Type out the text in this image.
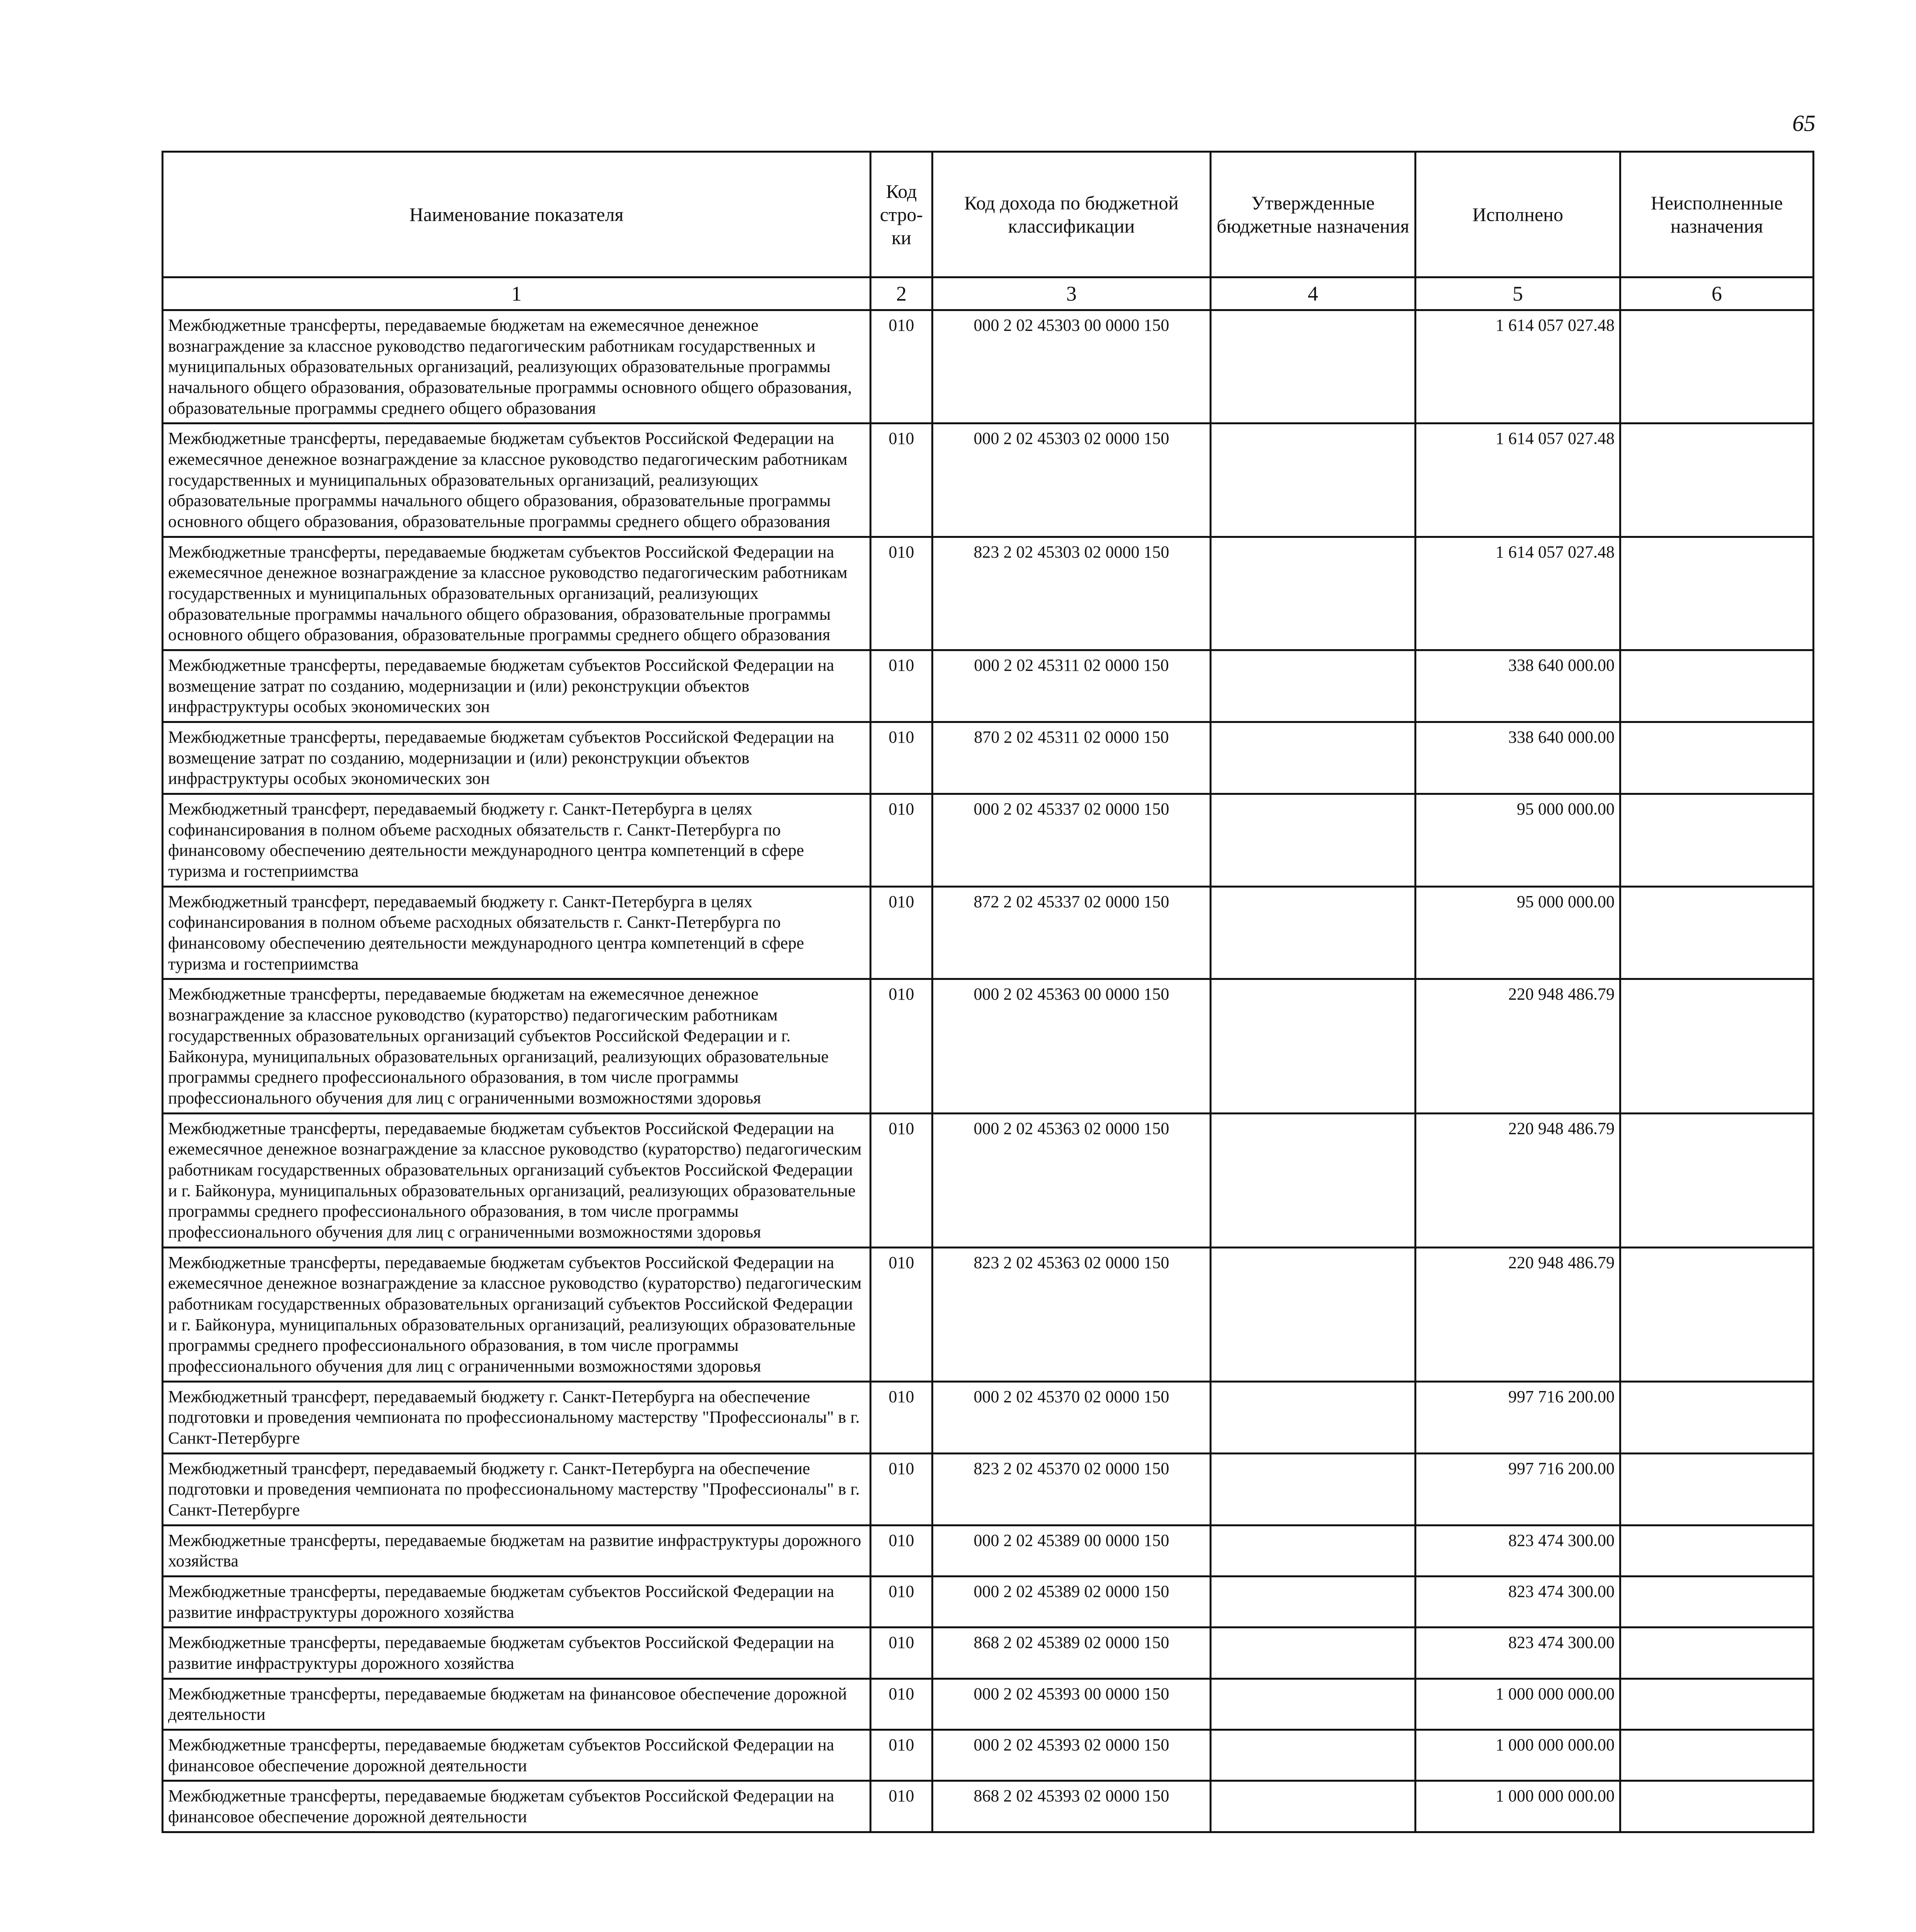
65
Наименование показателя	Код стро-ки	Код дохода по бюджетной классификации	Утвержденные бюджетные назначения	Исполнено	Неисполненные назначения
1	2	3	4	5	6
Межбюджетные трансферты, передаваемые бюджетам на ежемесячное денежное вознаграждение за классное руководство педагогическим работникам государственных и муниципальных образовательных организаций, реализующих образовательные программы начального общего образования, образовательные программы основного общего образования, образовательные программы среднего общего образования	010	000 2 02 45303 00 0000 150		1 614 057 027.48	
Межбюджетные трансферты, передаваемые бюджетам субъектов Российской Федерации на ежемесячное денежное вознаграждение за классное руководство педагогическим работникам государственных и муниципальных образовательных организаций, реализующих образовательные программы начального общего образования, образовательные программы основного общего образования, образовательные программы среднего общего образования	010	000 2 02 45303 02 0000 150		1 614 057 027.48	
Межбюджетные трансферты, передаваемые бюджетам субъектов Российской Федерации на ежемесячное денежное вознаграждение за классное руководство педагогическим работникам государственных и муниципальных образовательных организаций, реализующих образовательные программы начального общего образования, образовательные программы основного общего образования, образовательные программы среднего общего образования	010	823 2 02 45303 02 0000 150		1 614 057 027.48	
Межбюджетные трансферты, передаваемые бюджетам субъектов Российской Федерации на возмещение затрат по созданию, модернизации и (или) реконструкции объектов инфраструктуры особых экономических зон	010	000 2 02 45311 02 0000 150		338 640 000.00	
Межбюджетные трансферты, передаваемые бюджетам субъектов Российской Федерации на возмещение затрат по созданию, модернизации и (или) реконструкции объектов инфраструктуры особых экономических зон	010	870 2 02 45311 02 0000 150		338 640 000.00	
Межбюджетный трансферт, передаваемый бюджету г. Санкт-Петербурга в целях софинансирования в полном объеме расходных обязательств г. Санкт-Петербурга по финансовому обеспечению деятельности международного центра компетенций в сфере туризма и гостеприимства	010	000 2 02 45337 02 0000 150		95 000 000.00	
Межбюджетный трансферт, передаваемый бюджету г. Санкт-Петербурга в целях софинансирования в полном объеме расходных обязательств г. Санкт-Петербурга по финансовому обеспечению деятельности международного центра компетенций в сфере туризма и гостеприимства	010	872 2 02 45337 02 0000 150		95 000 000.00	
Межбюджетные трансферты, передаваемые бюджетам на ежемесячное денежное вознаграждение за классное руководство (кураторство) педагогическим работникам государственных образовательных организаций субъектов Российской Федерации и г. Байконура, муниципальных образовательных организаций, реализующих образовательные программы среднего профессионального образования, в том числе программы профессионального обучения для лиц с ограниченными возможностями здоровья	010	000 2 02 45363 00 0000 150		220 948 486.79	
Межбюджетные трансферты, передаваемые бюджетам субъектов Российской Федерации на ежемесячное денежное вознаграждение за классное руководство (кураторство) педагогическим работникам государственных образовательных организаций субъектов Российской Федерации и г. Байконура, муниципальных образовательных организаций, реализующих образовательные программы среднего профессионального образования, в том числе программы профессионального обучения для лиц с ограниченными возможностями здоровья	010	000 2 02 45363 02 0000 150		220 948 486.79	
Межбюджетные трансферты, передаваемые бюджетам субъектов Российской Федерации на ежемесячное денежное вознаграждение за классное руководство (кураторство) педагогическим работникам государственных образовательных организаций субъектов Российской Федерации и г. Байконура, муниципальных образовательных организаций, реализующих образовательные программы среднего профессионального образования, в том числе программы профессионального обучения для лиц с ограниченными возможностями здоровья	010	823 2 02 45363 02 0000 150		220 948 486.79	
Межбюджетный трансферт, передаваемый бюджету г. Санкт-Петербурга на обеспечение подготовки и проведения чемпионата по профессиональному мастерству "Профессионалы" в г. Санкт-Петербурге	010	000 2 02 45370 02 0000 150		997 716 200.00	
Межбюджетный трансферт, передаваемый бюджету г. Санкт-Петербурга на обеспечение подготовки и проведения чемпионата по профессиональному мастерству "Профессионалы" в г. Санкт-Петербурге	010	823 2 02 45370 02 0000 150		997 716 200.00	
Межбюджетные трансферты, передаваемые бюджетам на развитие инфраструктуры дорожного хозяйства	010	000 2 02 45389 00 0000 150		823 474 300.00	
Межбюджетные трансферты, передаваемые бюджетам субъектов Российской Федерации на развитие инфраструктуры дорожного хозяйства	010	000 2 02 45389 02 0000 150		823 474 300.00	
Межбюджетные трансферты, передаваемые бюджетам субъектов Российской Федерации на развитие инфраструктуры дорожного хозяйства	010	868 2 02 45389 02 0000 150		823 474 300.00	
Межбюджетные трансферты, передаваемые бюджетам на финансовое обеспечение дорожной деятельности	010	000 2 02 45393 00 0000 150		1 000 000 000.00	
Межбюджетные трансферты, передаваемые бюджетам субъектов Российской Федерации на финансовое обеспечение дорожной деятельности	010	000 2 02 45393 02 0000 150		1 000 000 000.00	
Межбюджетные трансферты, передаваемые бюджетам субъектов Российской Федерации на финансовое обеспечение дорожной деятельности	010	868 2 02 45393 02 0000 150		1 000 000 000.00	
